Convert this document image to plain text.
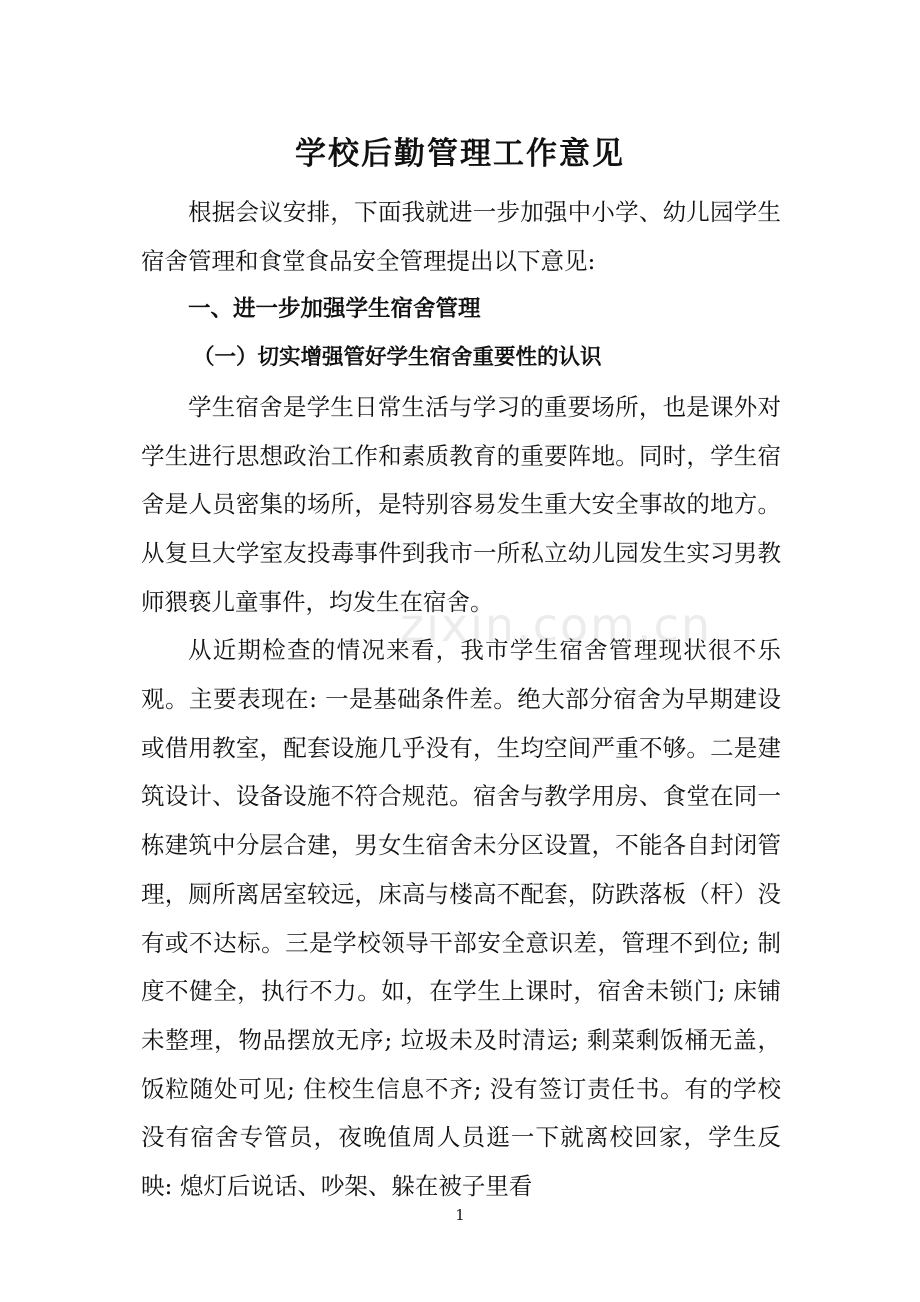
学校后勤管理工作意见

根据会议安排，下面我就进一步加强中小学、幼儿园学生宿舍管理和食堂食品安全管理提出以下意见:

一、进一步加强学生宿舍管理

（一）切实增强管好学生宿舍重要性的认识

学生宿舍是学生日常生活与学习的重要场所，也是课外对学生进行思想政治工作和素质教育的重要阵地。同时，学生宿舍是人员密集的场所，是特别容易发生重大安全事故的地方。从复旦大学室友投毒事件到我市一所私立幼儿园发生实习男教师猥亵儿童事件，均发生在宿舍。

从近期检查的情况来看，我市学生宿舍管理现状很不乐观。主要表现在: 一是基础条件差。绝大部分宿舍为早期建设或借用教室，配套设施几乎没有，生均空间严重不够。二是建筑设计、设备设施不符合规范。宿舍与教学用房、食堂在同一栋建筑中分层合建，男女生宿舍未分区设置，不能各自封闭管理，厕所离居室较远，床高与楼高不配套，防跌落板（杆）没有或不达标。三是学校领导干部安全意识差，管理不到位; 制度不健全，执行不力。如，在学生上课时，宿舍未锁门; 床铺未整理，物品摆放无序; 垃圾未及时清运; 剩菜剩饭桶无盖，饭粒随处可见; 住校生信息不齐; 没有签订责任书。有的学校没有宿舍专管员，夜晚值周人员逛一下就离校回家，学生反映: 熄灯后说话、吵架、躲在被子里看

zixin.com.cn
1
